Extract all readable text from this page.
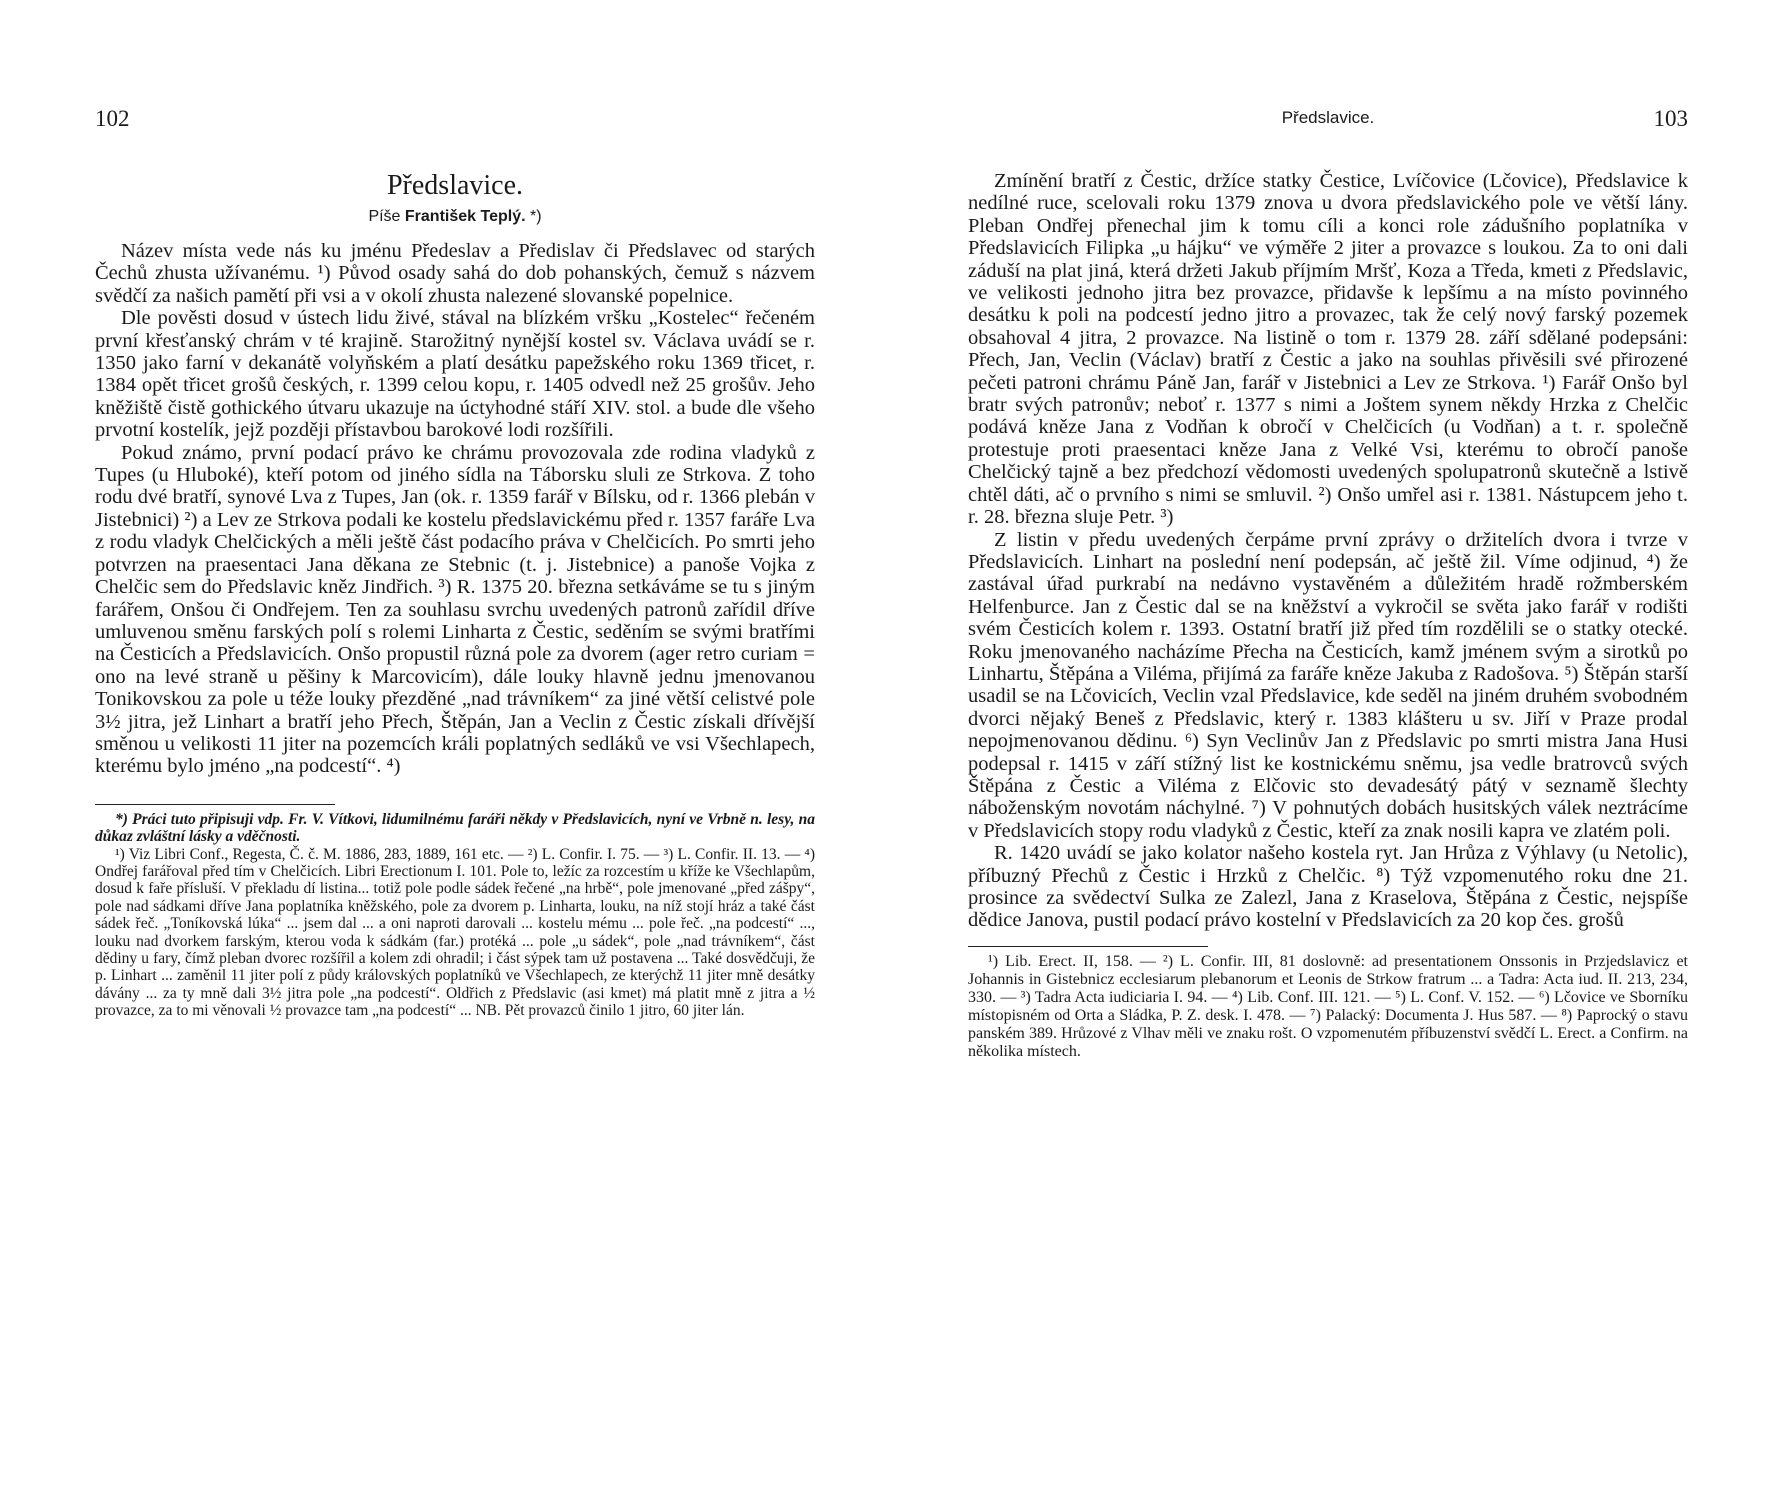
102
Předslavice.
Píše František Teplý. *)

Název místa vede nás ku jménu Předeslav a Předislav či Předslavec od starých Čechů zhusta užívanému. ¹) Původ osady sahá do dob pohanských, čemuž s názvem svědčí za našich pamětí při vsi a v okolí zhusta nalezené slovanské popelnice.

Dle pověsti dosud v ústech lidu živé, stával na blízkém vršku „Kostelec“ řečeném první křesťanský chrám v té krajině. Starožitný nynější kostel sv. Václava uvádí se r. 1350 jako farní v dekanátě volyňském a platí desátku papežského roku 1369 třicet, r. 1384 opět třicet grošů českých, r. 1399 celou kopu, r. 1405 odvedl než 25 grošův. Jeho kněžiště čistě gothického útvaru ukazuje na úctyhodné stáří XIV. stol. a bude dle všeho prvotní kostelík, jejž později přístavbou barokové lodi rozšířili.

Pokud známo, první podací právo ke chrámu provozovala zde rodina vladyků z Tupes (u Hluboké), kteří potom od jiného sídla na Táborsku sluli ze Strkova. Z toho rodu dvé bratří, synové Lva z Tupes, Jan (ok. r. 1359 farář v Bílsku, od r. 1366 plebán v Jistebnici) ²) a Lev ze Strkova podali ke kostelu předslavickému před r. 1357 faráře Lva z rodu vladyk Chelčických a měli ještě část podacího práva v Chelčicích. Po smrti jeho potvrzen na praesentaci Jana děkana ze Stebnic (t. j. Jistebnice) a panoše Vojka z Chelčic sem do Předslavic kněz Jindřich. ³) R. 1375 20. března setkáváme se tu s jiným farářem, Onšou či Ondřejem. Ten za souhlasu svrchu uvedených patronů zařídil dříve umluvenou směnu farských polí s rolemi Linharta z Čestic, seděním se svými bratřími na Česticích a Předslavicích. Onšo propustil různá pole za dvorem (ager retro curiam = ono na levé straně u pěšiny k Marcovicím), dále louky hlavně jednu jmenovanou Tonikovskou za pole u téže louky přezděné „nad trávníkem“ za jiné větší celistvé pole 3½ jitra, jež Linhart a bratří jeho Přech, Štěpán, Jan a Veclin z Čestic získali dřívější směnou u velikosti 11 jiter na pozemcích králi poplatných sedláků ve vsi Všechlapech, kterému bylo jméno „na podcestí“. ⁴)

*) Práci tuto připisuji vdp. Fr. V. Vítkovi, lidumilnému faráři někdy v Předslavicích, nyní ve Vrbně n. lesy, na důkaz zvláštní lásky a vděčnosti.

¹) Viz Libri Conf., Regesta, Č. č. M. 1886, 283, 1889, 161 etc. — ²) L. Confir. I. 75. — ³) L. Confir. II. 13. — ⁴) Ondřej farářoval před tím v Chelčicích. Libri Erectionum I. 101. Pole to, ležíc za rozcestím u kříže ke Všechlapům, dosud k faře přísluší. V překladu dí listina... totiž pole podle sádek řečené „na hrbě“, pole jmenované „před zášpy“, pole nad sádkami dříve Jana poplatníka kněžského, pole za dvorem p. Linharta, louku, na níž stojí hráz a také část sádek řeč. „Toníkovská lúka“ ... jsem dal ... a oni naproti darovali ... kostelu mému ... pole řeč. „na podcestí“ ..., louku nad dvorkem farským, kterou voda k sádkám (far.) protéká ... pole „u sádek“, pole „nad trávníkem“, část dědiny u fary, čímž pleban dvorec rozšířil a kolem zdi ohradil; i část sýpek tam už postavena ... Také dosvědčuji, že p. Linhart ... zaměnil 11 jiter polí z půdy královských poplatníků ve Všechlapech, ze kterýchž 11 jiter mně desátky dávány ... za ty mně dali 3½ jitra pole „na podcestí“. Oldřich z Předslavic (asi kmet) má platit mně z jitra a ½ provazce, za to mi věnovali ½ provazce tam „na podcestí“ ... NB. Pět provazců činilo 1 jitro, 60 jiter lán.

Předslavice.	103

Zmínění bratří z Čestic, držíce statky Čestice, Lvíčovice (Lčovice), Předslavice k nedílné ruce, scelovali roku 1379 znova u dvora předslavického pole ve větší lány. Pleban Ondřej přenechal jim k tomu cíli a konci role zádušního poplatníka v Předslavicích Filipka „u hájku“ ve výměře 2 jiter a provazce s loukou. Za to oni dali záduší na plat jiná, která držeti Jakub příjmím Mršť, Koza a Tředa, kmeti z Předslavic, ve velikosti jednoho jitra bez provazce, přidavše k lepšímu a na místo povinného desátku k poli na podcestí jedno jitro a provazec, tak že celý nový farský pozemek obsahoval 4 jitra, 2 provazce. Na listině o tom r. 1379 28. září sdělané podepsáni: Přech, Jan, Veclin (Václav) bratří z Čestic a jako na souhlas přivěsili své přirozené pečeti patroni chrámu Páně Jan, farář v Jistebnici a Lev ze Strkova. ¹) Farář Onšo byl bratr svých patronův; neboť r. 1377 s nimi a Joštem synem někdy Hrzka z Chelčic podává kněze Jana z Vodňan k obročí v Chelčicích (u Vodňan) a t. r. společně protestuje proti praesentaci kněze Jana z Velké Vsi, kterému to obročí panoše Chelčický tajně a bez předchozí vědomosti uvedených spolupatronů skutečně a lstivě chtěl dáti, ač o prvního s nimi se smluvil. ²) Onšo umřel asi r. 1381. Nástupcem jeho t. r. 28. března sluje Petr. ³)

Z listin v předu uvedených čerpáme první zprávy o držitelích dvora i tvrze v Předslavicích. Linhart na poslední není podepsán, ač ještě žil. Víme odjinud, ⁴) že zastával úřad purkrabí na nedávno vystavěném a důležitém hradě rožmberském Helfenburce. Jan z Čestic dal se na kněžství a vykročil se světa jako farář v rodišti svém Česticích kolem r. 1393. Ostatní bratří již před tím rozdělili se o statky otecké. Roku jmenovaného nacházíme Přecha na Česticích, kamž jménem svým a sirotků po Linhartu, Štěpána a Viléma, přijímá za faráře kněze Jakuba z Radošova. ⁵) Štěpán starší usadil se na Lčovicích, Veclin vzal Předslavice, kde seděl na jiném druhém svobodném dvorci nějaký Beneš z Předslavic, který r. 1383 klášteru u sv. Jiří v Praze prodal nepojmenovanou dědinu. ⁶) Syn Veclinův Jan z Předslavic po smrti mistra Jana Husi podepsal r. 1415 v září stížný list ke kostnickému sněmu, jsa vedle bratrovců svých Štěpána z Čestic a Viléma z Elčovic sto devadesátý pátý v seznamě šlechty náboženským novotám náchylné. ⁷) V pohnutých dobách husitských válek neztrácíme v Předslavicích stopy rodu vladyků z Čestic, kteří za znak nosili kapra ve zlatém poli.

R. 1420 uvádí se jako kolator našeho kostela ryt. Jan Hrůza z Výhlavy (u Netolic), příbuzný Přechů z Čestic i Hrzků z Chelčic. ⁸) Týž vzpomenutého roku dne 21. prosince za svědectví Sulka ze Zalezl, Jana z Kraselova, Štěpána z Čestic, nejspíše dědice Janova, pustil podací právo kostelní v Předslavicích za 20 kop čes. grošů

¹) Lib. Erect. II, 158. — ²) L. Confir. III, 81 doslovně: ad presentationem Onssonis in Przjedslavicz et Johannis in Gistebnicz ecclesiarum plebanorum et Leonis de Strkow fratrum ... a Tadra: Acta iud. II. 213, 234, 330. — ³) Tadra Acta iudiciaria I. 94. — ⁴) Lib. Conf. III. 121. — ⁵) L. Conf. V. 152. — ⁶) Lčovice ve Sborníku místopisném od Orta a Sládka, P. Z. desk. I. 478. — ⁷) Palacký: Documenta J. Hus 587. — ⁸) Paprocký o stavu panském 389. Hrůzové z Vlhav měli ve znaku rošt. O vzpomenutém příbuzenství svědčí L. Erect. a Confirm. na několika místech.
